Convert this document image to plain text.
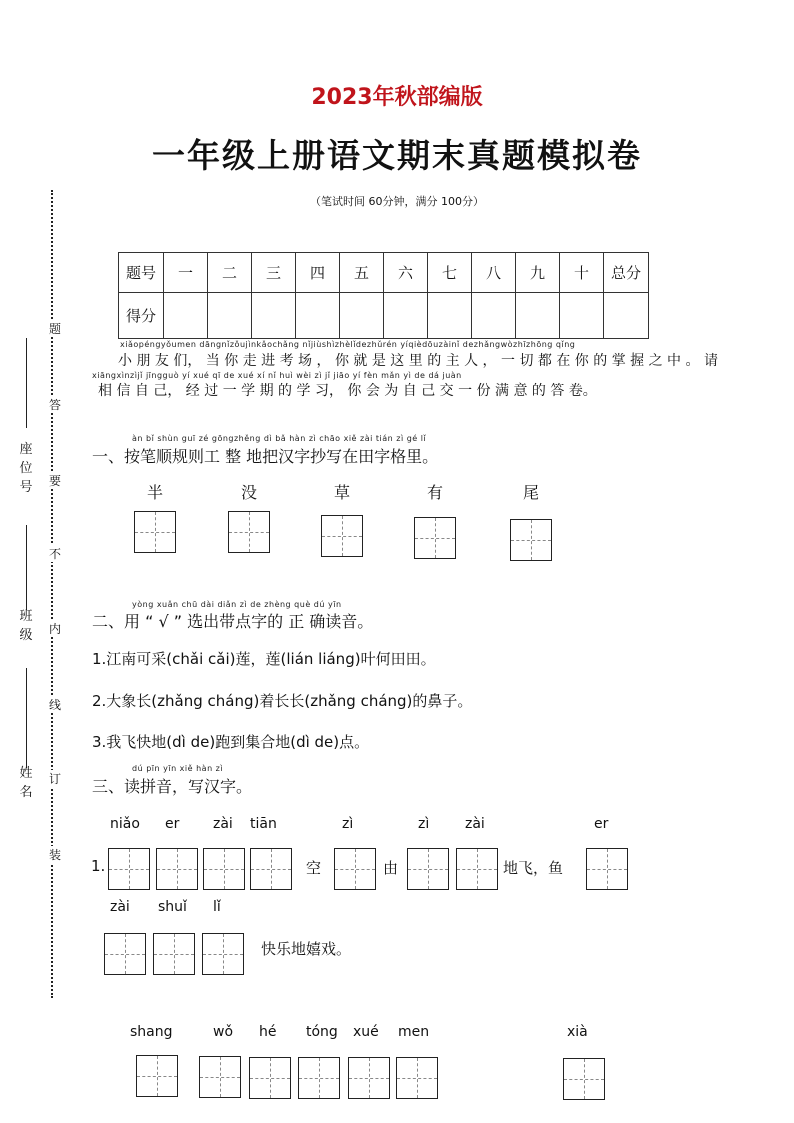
2023年秋部编版
一年级上册语文期末真题模拟卷
（笔试时间 60分钟，满分 100分）
题
答
要
不
内
线
订
装
座位号
班级
姓名
题号	一	二	三	四	五	六	七	八	九	十	总分
得分											
xiǎopéngyǒumen dāngnǐzǒujìnkǎochǎng nǐjiùshìzhèlǐdezhǔrén yíqièdōuzàinǐ dezhǎngwòzhīzhōng qǐng
小 朋 友 们， 当 你 走 进 考 场 ， 你 就 是 这 里 的 主 人 ， 一 切 都 在 你 的 掌 握 之 中 。 请
xiāngxìnzìjǐ jīngguò yí xué qī de xué xí nǐ huì wèi zì jǐ jiāo yí fèn mǎn yì de dá juàn
相 信 自 己， 经 过 一 学 期 的 学 习， 你 会 为 自 己 交 一 份 满 意 的 答 卷。
àn bǐ shùn guī zé gōngzhěng dì bǎ hàn zì chāo xiě zài tián zì gé lǐ
一、按笔顺规则工 整 地把汉字抄写在田字格里。
半	没	草	有	尾
yòng xuǎn chū dài diǎn zì de zhèng què dú yīn
二、用 “ √ ” 选出带点字的 正 确读音。
1.江南可采(chǎi cǎi)莲，莲(lián liáng)叶何田田。
2.大象长(zhǎng cháng)着长长(zhǎng cháng)的鼻子。
3.我飞快地(dì de)跑到集合地(dì de)点。
dú pīn yīn xiě hàn zì
三、读拼音，写汉字。
niǎo er zài tiān	zì	zì	zài	er
1.	空	由	地飞，鱼
zài shuǐ lǐ
快乐地嬉戏。
shang	wǒ hé tóng xué men	xià
